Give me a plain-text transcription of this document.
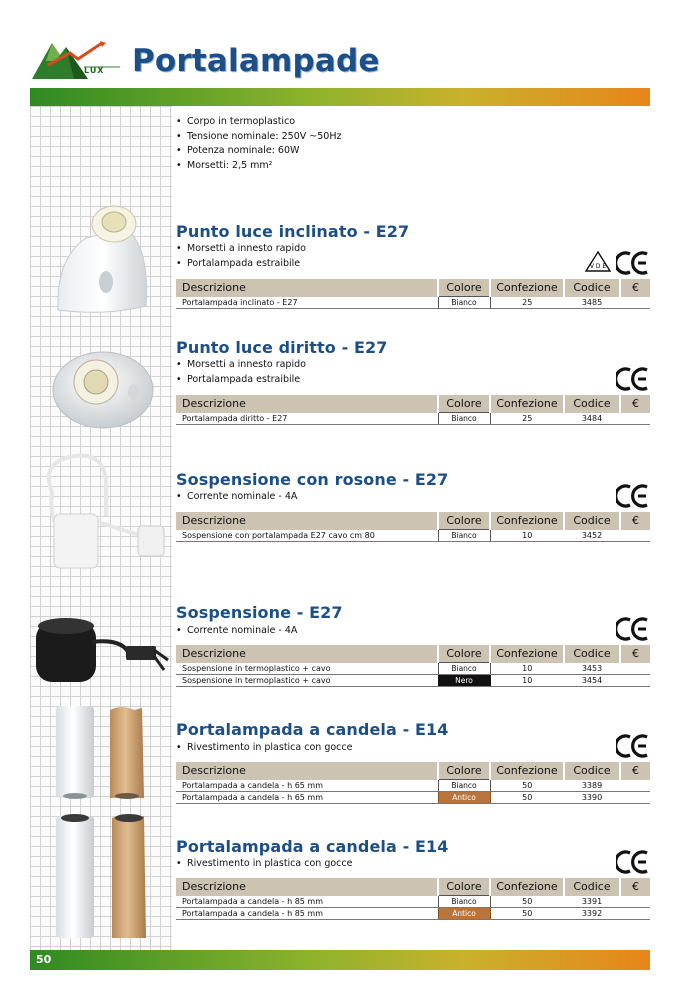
LUX Portalampade
• Corpo in termoplastico
• Tensione nominale: 250V ~50Hz
• Potenza nominale: 60W
• Morsetti: 2,5 mm²
Punto luce inclinato - E27
• Morsetti a innesto rapido
• Portalampada estraibile	V D E
Descrizione	Colore	Confezione	Codice	€
Portalampada inclinato - E27	Bianco	25	3485	
Punto luce diritto - E27
• Morsetti a innesto rapido
• Portalampada estraibile
Descrizione	Colore	Confezione	Codice	€
Portalampada diritto - E27	Bianco	25	3484	
Sospensione con rosone - E27
• Corrente nominale - 4A
Descrizione	Colore	Confezione	Codice	€
Sospensione con portalampada E27 cavo cm 80	Bianco	10	3452	
Sospensione - E27
• Corrente nominale - 4A
Descrizione	Colore	Confezione	Codice	€
Sospensione in termoplastico + cavo	Bianco	10	3453	
Sospensione in termoplastico + cavo	Nero	10	3454	
Portalampada a candela - E14
• Rivestimento in plastica con gocce
Descrizione	Colore	Confezione	Codice	€
Portalampada a candela - h 65 mm	Bianco	50	3389	
Portalampada a candela - h 65 mm	Antico	50	3390	
Portalampada a candela - E14
• Rivestimento in plastica con gocce
Descrizione	Colore	Confezione	Codice	€
Portalampada a candela - h 85 mm	Bianco	50	3391	
Portalampada a candela - h 85 mm	Antico	50	3392	
50
